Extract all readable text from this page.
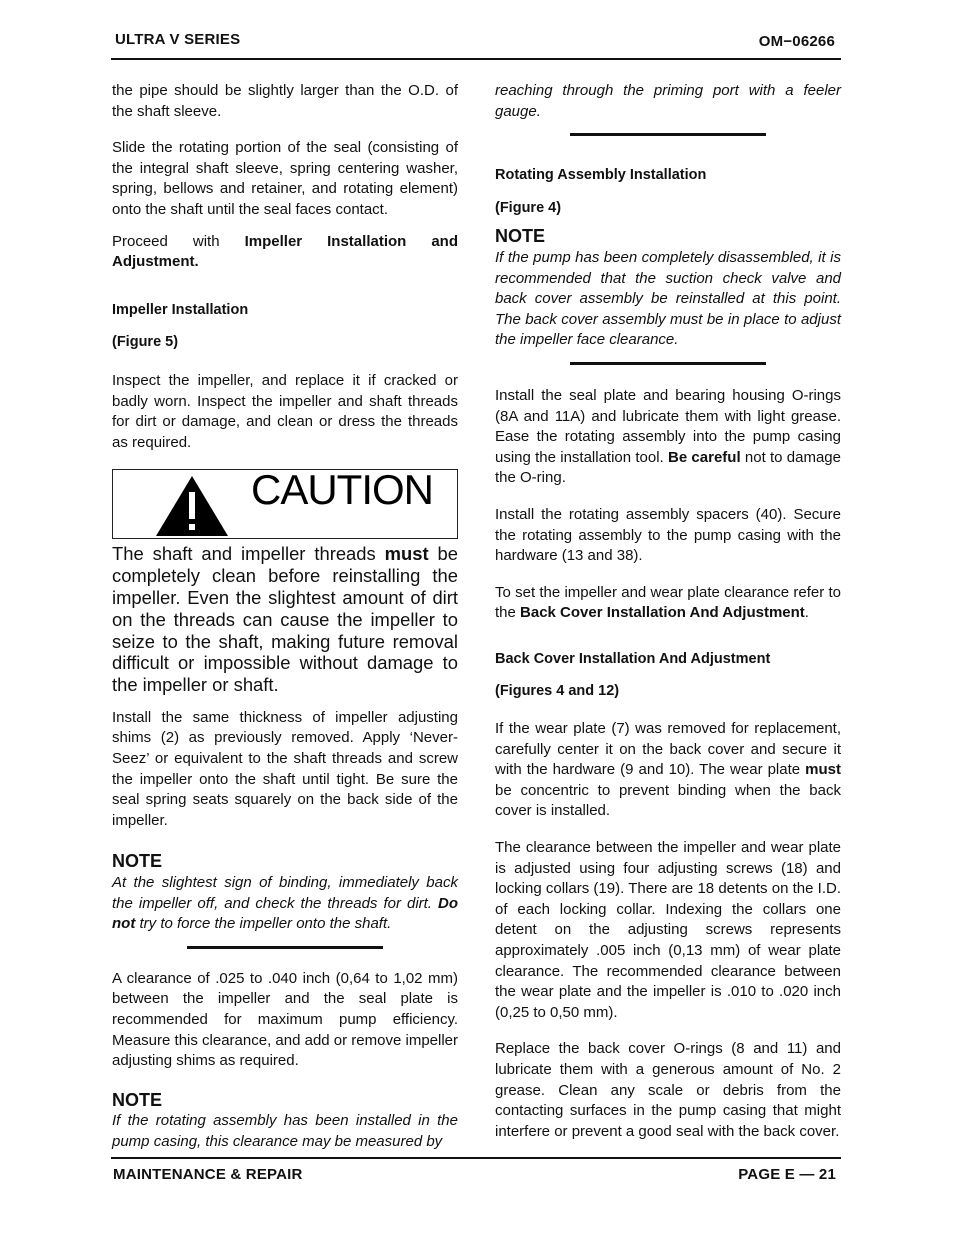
ULTRA V SERIES	OM−06266

the pipe should be slightly larger than the O.D. of the shaft sleeve.

Slide the rotating portion of the seal (consisting of the integral shaft sleeve, spring centering washer, spring, bellows and retainer, and rotating element) onto the shaft until the seal faces contact.

Proceed with Impeller Installation and Adjustment.

Impeller Installation

(Figure 5)

Inspect the impeller, and replace it if cracked or badly worn. Inspect the impeller and shaft threads for dirt or damage, and clean or dress the threads as required.

CAUTION

The shaft and impeller threads must be completely clean before reinstalling the impeller. Even the slightest amount of dirt on the threads can cause the impeller to seize to the shaft, making future removal difficult or impossible without damage to the impeller or shaft.

Install the same thickness of impeller adjusting shims (2) as previously removed. Apply ‘Never-Seez’ or equivalent to the shaft threads and screw the impeller onto the shaft until tight. Be sure the seal spring seats squarely on the back side of the impeller.

NOTE

At the slightest sign of binding, immediately back the impeller off, and check the threads for dirt. Do not try to force the impeller onto the shaft.

A clearance of .025 to .040 inch (0,64 to 1,02 mm) between the impeller and the seal plate is recommended for maximum pump efficiency. Measure this clearance, and add or remove impeller adjusting shims as required.

NOTE

If the rotating assembly has been installed in the pump casing, this clearance may be measured by

reaching through the priming port with a feeler gauge.

Rotating Assembly Installation

(Figure 4)

NOTE

If the pump has been completely disassembled, it is recommended that the suction check valve and back cover assembly be reinstalled at this point. The back cover assembly must be in place to adjust the impeller face clearance.

Install the seal plate and bearing housing O-rings (8A and 11A) and lubricate them with light grease. Ease the rotating assembly into the pump casing using the installation tool. Be careful not to damage the O-ring.

Install the rotating assembly spacers (40). Secure the rotating assembly to the pump casing with the hardware (13 and 38).

To set the impeller and wear plate clearance refer to the Back Cover Installation And Adjustment.

Back Cover Installation And Adjustment

(Figures 4 and 12)

If the wear plate (7) was removed for replacement, carefully center it on the back cover and secure it with the hardware (9 and 10). The wear plate must be concentric to prevent binding when the back cover is installed.

The clearance between the impeller and wear plate is adjusted using four adjusting screws (18) and locking collars (19). There are 18 detents on the I.D. of each locking collar. Indexing the collars one detent on the adjusting screws represents approximately .005 inch (0,13 mm) of wear plate clearance. The recommended clearance between the wear plate and the impeller is .010 to .020 inch (0,25 to 0,50 mm).

Replace the back cover O-rings (8 and 11) and lubricate them with a generous amount of No. 2 grease. Clean any scale or debris from the contacting surfaces in the pump casing that might interfere or prevent a good seal with the back cover.

MAINTENANCE & REPAIR	PAGE E — 21
